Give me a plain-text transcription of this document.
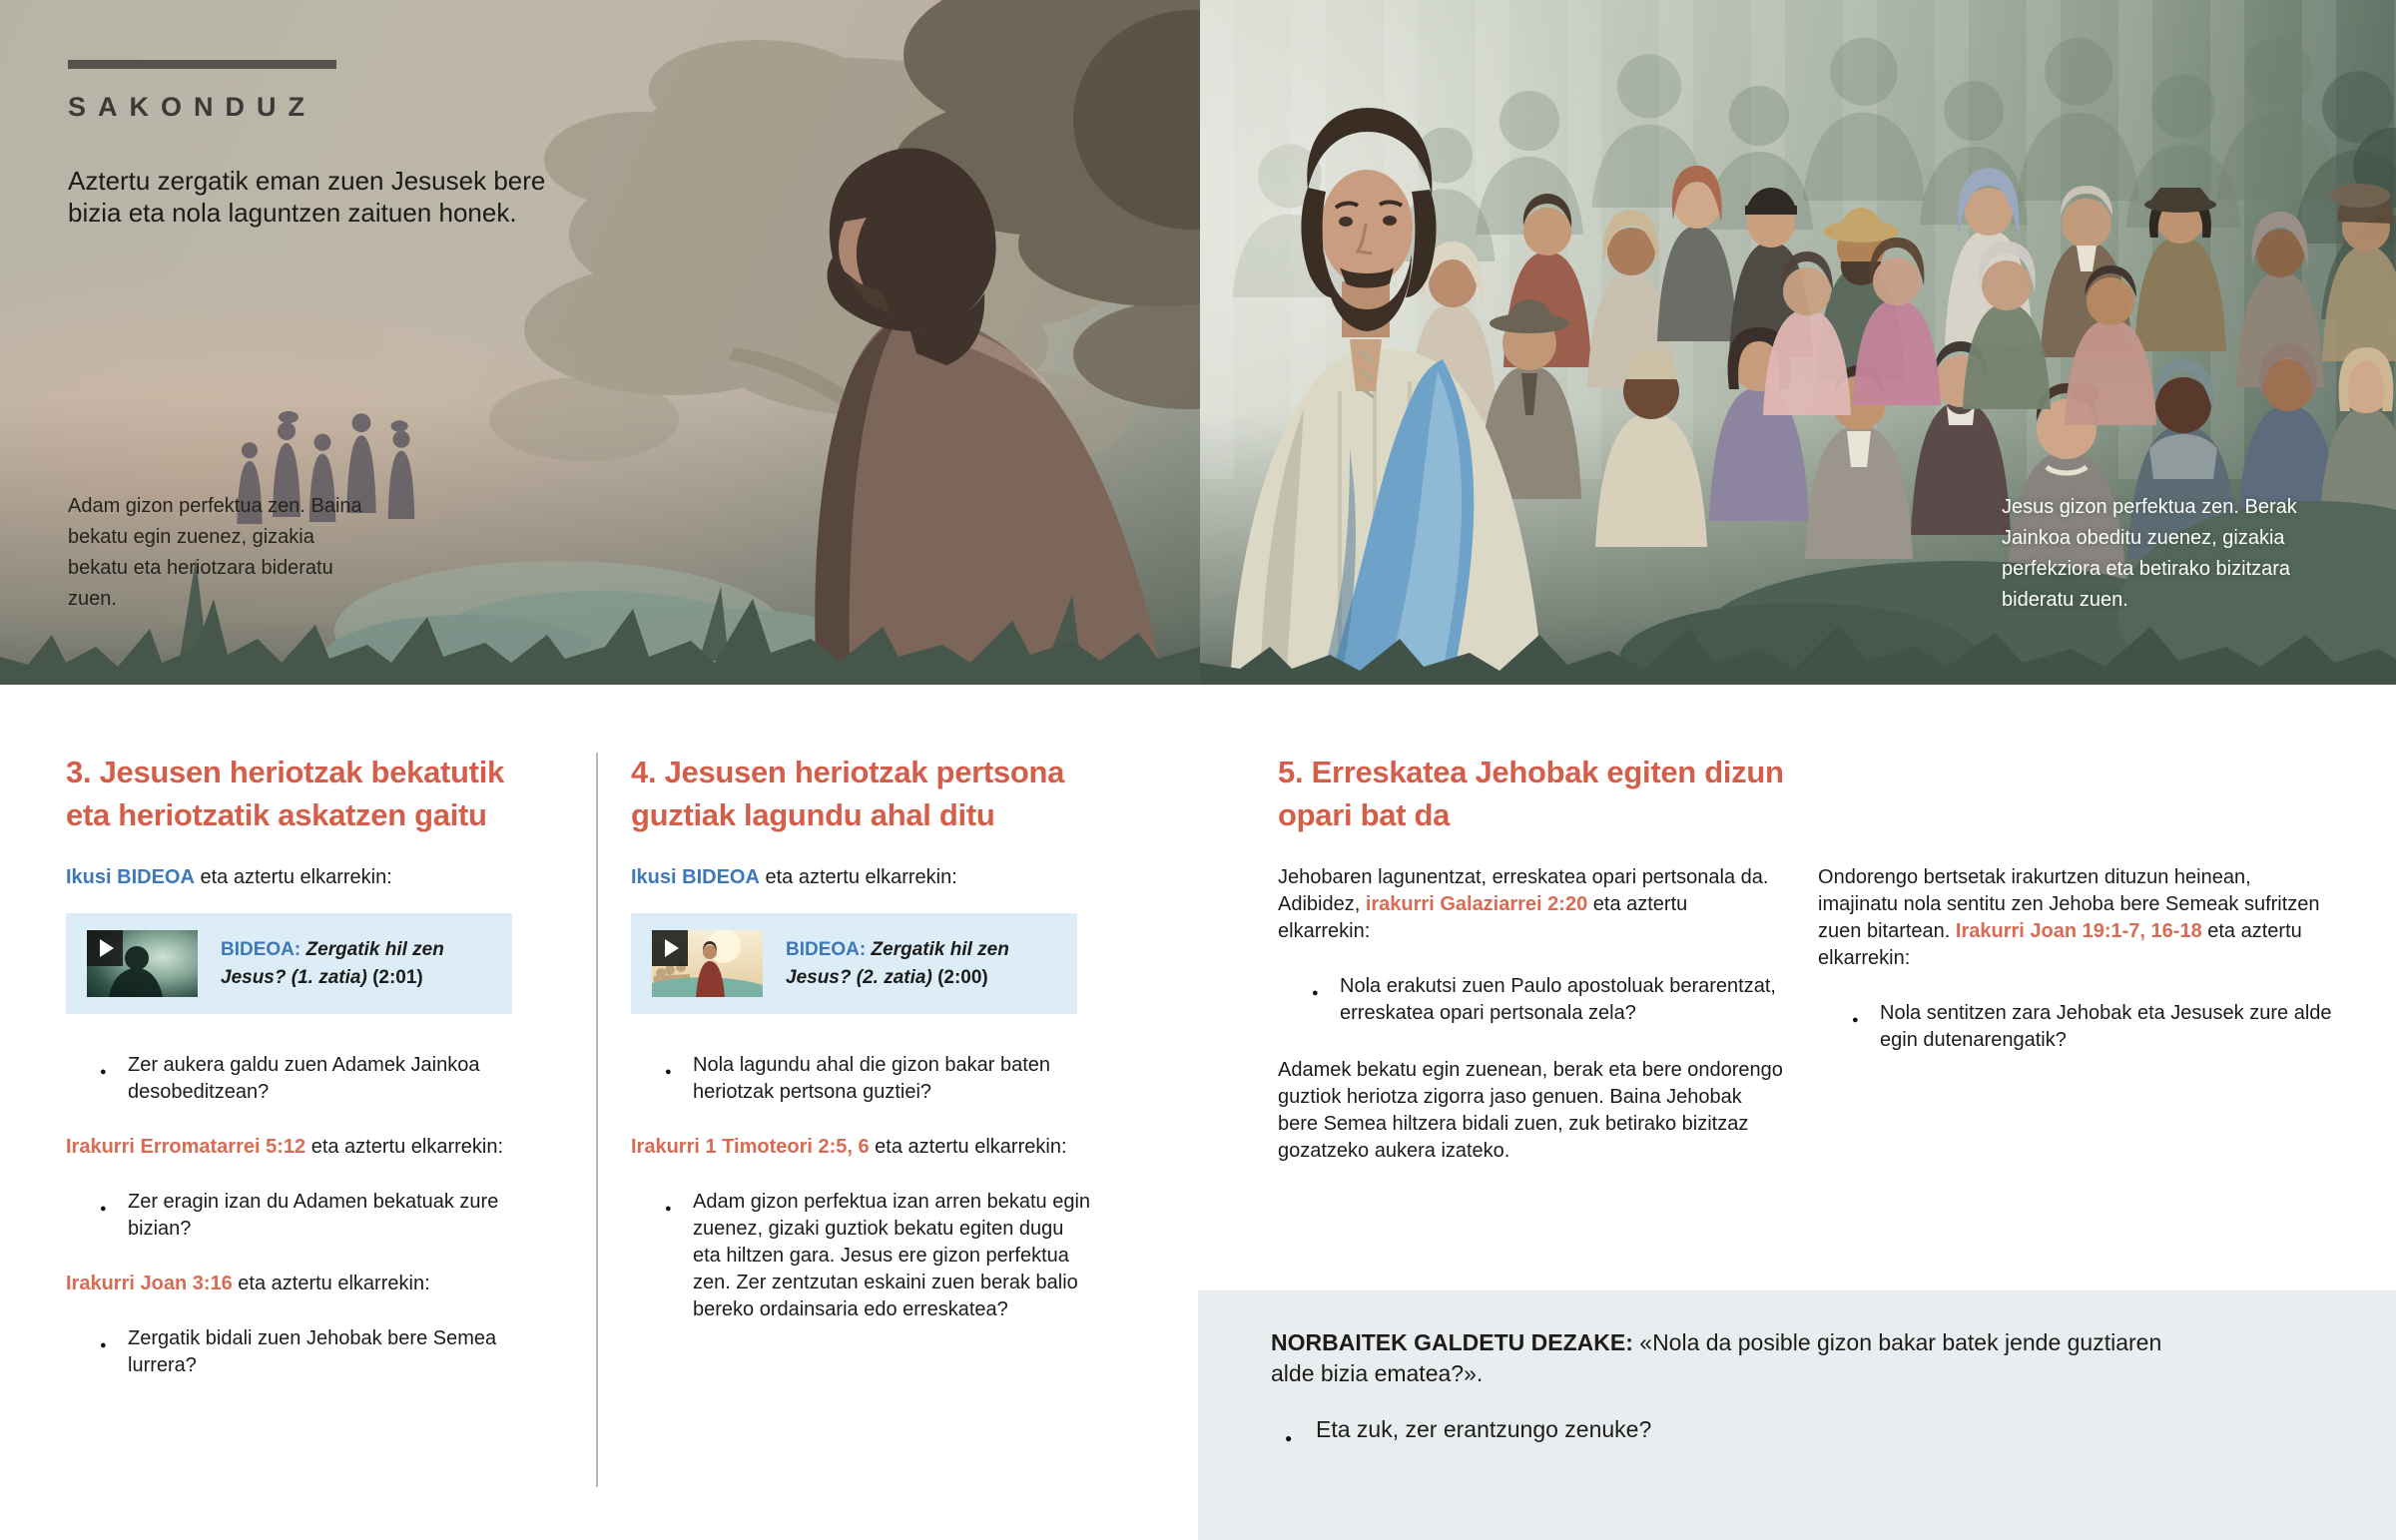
SAKONDUZ

Aztertu zergatik eman zuen Jesusek bere bizia eta nola laguntzen zaituen honek.

Adam gizon perfektua zen. Baina bekatu egin zuenez, gizakia bekatu eta heriotzara bideratu zuen.

Jesus gizon perfektua zen. Berak Jainkoa obeditu zuenez, gizakia perfekziora eta betirako bizitzara bideratu zuen.

3. Jesusen heriotzak bekatutik eta heriotzatik askatzen gaitu

Ikusi BIDEOA eta aztertu elkarrekin:

BIDEOA: Zergatik hil zen Jesus? (1. zatia) (2:01)

● Zer aukera galdu zuen Adamek Jainkoa desobeditzean?

Irakurri Erromatarrei 5:12 eta aztertu elkarrekin:

● Zer eragin izan du Adamen bekatuak zure bizian?

Irakurri Joan 3:16 eta aztertu elkarrekin:

● Zergatik bidali zuen Jehobak bere Semea lurrera?

4. Jesusen heriotzak pertsona guztiak lagundu ahal ditu

Ikusi BIDEOA eta aztertu elkarrekin:

BIDEOA: Zergatik hil zen Jesus? (2. zatia) (2:00)

● Nola lagundu ahal die gizon bakar baten heriotzak pertsona guztiei?

Irakurri 1 Timoteori 2:5, 6 eta aztertu elkarrekin:

● Adam gizon perfektua izan arren bekatu egin zuenez, gizaki guztiok bekatu egiten dugu eta hiltzen gara. Jesus ere gizon perfektua zen. Zer zentzutan eskaini zuen berak balio bereko ordainsaria edo erreskatea?

5. Erreskatea Jehobak egiten dizun opari bat da

Jehobaren lagunentzat, erreskatea opari pertsonala da. Adibidez, irakurri Galaziarrei 2:20 eta aztertu elkarrekin:

● Nola erakutsi zuen Paulo apostoluak berarentzat, erreskatea opari pertsonala zela?

Adamek bekatu egin zuenean, berak eta bere ondorengo guztiok heriotza zigorra jaso genuen. Baina Jehobak bere Semea hiltzera bidali zuen, zuk betirako bizitzaz gozatzeko aukera izateko.

Ondorengo bertsetak irakurtzen dituzun heinean, imajinatu nola sentitu zen Jehoba bere Semeak sufritzen zuen bitartean. Irakurri Joan 19:1-7, 16-18 eta aztertu elkarrekin:

● Nola sentitzen zara Jehobak eta Jesusek zure alde egin dutenarengatik?

NORBAITEK GALDETU DEZAKE: «Nola da posible gizon bakar batek jende guztiaren alde bizia ematea?».

● Eta zuk, zer erantzungo zenuke?
